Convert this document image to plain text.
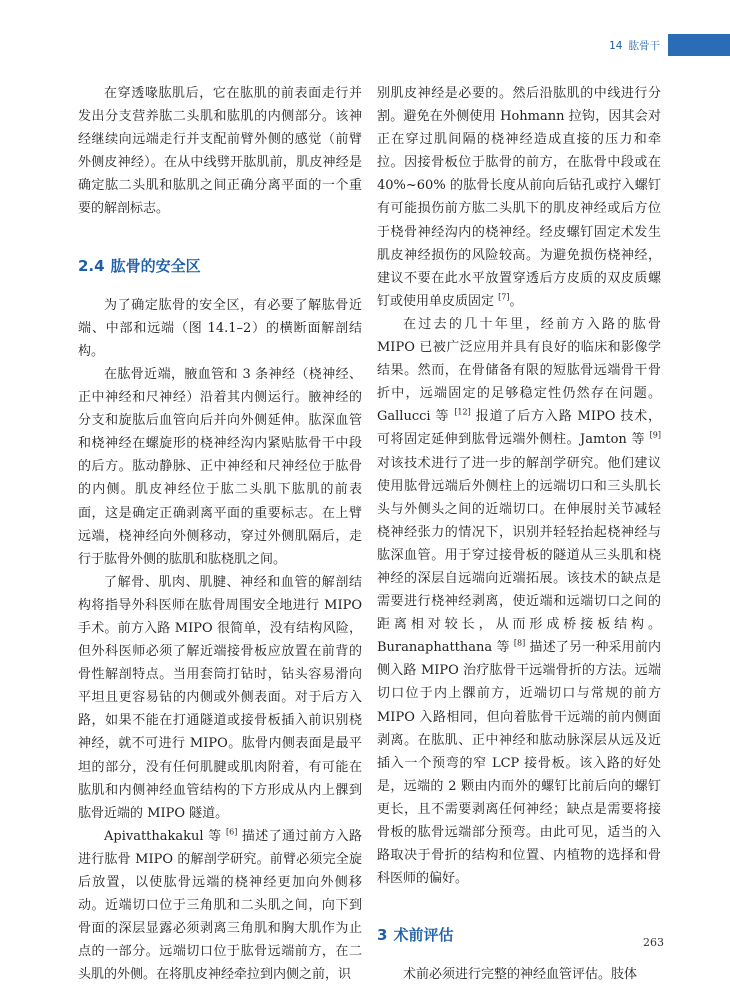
14 肱骨干

在穿透喙肱肌后，它在肱肌的前表面走行并发出分支营养肱二头肌和肱肌的内侧部分。该神经继续向远端走行并支配前臂外侧的感觉（前臂外侧皮神经）。在从中线劈开肱肌前，肌皮神经是确定肱二头肌和肱肌之间正确分离平面的一个重要的解剖标志。

2.4 肱骨的安全区

为了确定肱骨的安全区，有必要了解肱骨近端、中部和远端（图 14.1–2）的横断面解剖结构。

在肱骨近端，腋血管和 3 条神经（桡神经、正中神经和尺神经）沿着其内侧运行。腋神经的分支和旋肱后血管向后并向外侧延伸。肱深血管和桡神经在螺旋形的桡神经沟内紧贴肱骨干中段的后方。肱动静脉、正中神经和尺神经位于肱骨的内侧。肌皮神经位于肱二头肌下肱肌的前表面，这是确定正确剥离平面的重要标志。在上臂远端，桡神经向外侧移动，穿过外侧肌隔后，走行于肱骨外侧的肱肌和肱桡肌之间。

了解骨、肌肉、肌腱、神经和血管的解剖结构将指导外科医师在肱骨周围安全地进行 MIPO 手术。前方入路 MIPO 很简单，没有结构风险，但外科医师必须了解近端接骨板应放置在前背的骨性解剖特点。当用套筒打钻时，钻头容易滑向平坦且更容易钻的内侧或外侧表面。对于后方入路，如果不能在打通隧道或接骨板插入前识别桡神经，就不可进行 MIPO。肱骨内侧表面是最平坦的部分，没有任何肌腱或肌肉附着，有可能在肱肌和内侧神经血管结构的下方形成从内上髁到肱骨近端的 MIPO 隧道。

Apivatthakakul 等 [6] 描述了通过前方入路进行肱骨 MIPO 的解剖学研究。前臂必须完全旋后放置，以使肱骨远端的桡神经更加向外侧移动。近端切口位于三角肌和二头肌之间，向下到骨面的深层显露必须剥离三角肌和胸大肌作为止点的一部分。远端切口位于肱骨远端前方，在二头肌的外侧。在将肌皮神经牵拉到内侧之前，识

别肌皮神经是必要的。然后沿肱肌的中线进行分割。避免在外侧使用 Hohmann 拉钩，因其会对正在穿过肌间隔的桡神经造成直接的压力和牵拉。因接骨板位于肱骨的前方，在肱骨中段或在 40%~60% 的肱骨长度从前向后钻孔或拧入螺钉有可能损伤前方肱二头肌下的肌皮神经或后方位于桡骨神经沟内的桡神经。经皮螺钉固定术发生肌皮神经损伤的风险较高。为避免损伤桡神经，建议不要在此水平放置穿透后方皮质的双皮质螺钉或使用单皮质固定 [7]。

在过去的几十年里，经前方入路的肱骨 MIPO 已被广泛应用并具有良好的临床和影像学结果。然而，在骨储备有限的短肱骨远端骨干骨折中，远端固定的足够稳定性仍然存在问题。Gallucci 等 [12] 报道了后方入路 MIPO 技术，可将固定延伸到肱骨远端外侧柱。Jamton 等 [9] 对该技术进行了进一步的解剖学研究。他们建议使用肱骨远端后外侧柱上的远端切口和三头肌长头与外侧头之间的近端切口。在伸展肘关节减轻桡神经张力的情况下，识别并轻轻抬起桡神经与肱深血管。用于穿过接骨板的隧道从三头肌和桡神经的深层自远端向近端拓展。该技术的缺点是需要进行桡神经剥离，使近端和远端切口之间的距离相对较长，从而形成桥接板结构。Buranaphatthana 等 [8] 描述了另一种采用前内侧入路 MIPO 治疗肱骨干远端骨折的方法。远端切口位于内上髁前方，近端切口与常规的前方 MIPO 入路相同，但向着肱骨干远端的前内侧面剥离。在肱肌、正中神经和肱动脉深层从远及近插入一个预弯的窄 LCP 接骨板。该入路的好处是，远端的 2 颗由内而外的螺钉比前后向的螺钉更长，且不需要剥离任何神经；缺点是需要将接骨板的肱骨远端部分预弯。由此可见，适当的入路取决于骨折的结构和位置、内植物的选择和骨科医师的偏好。

3 术前评估

术前必须进行完整的神经血管评估。肢体

263
